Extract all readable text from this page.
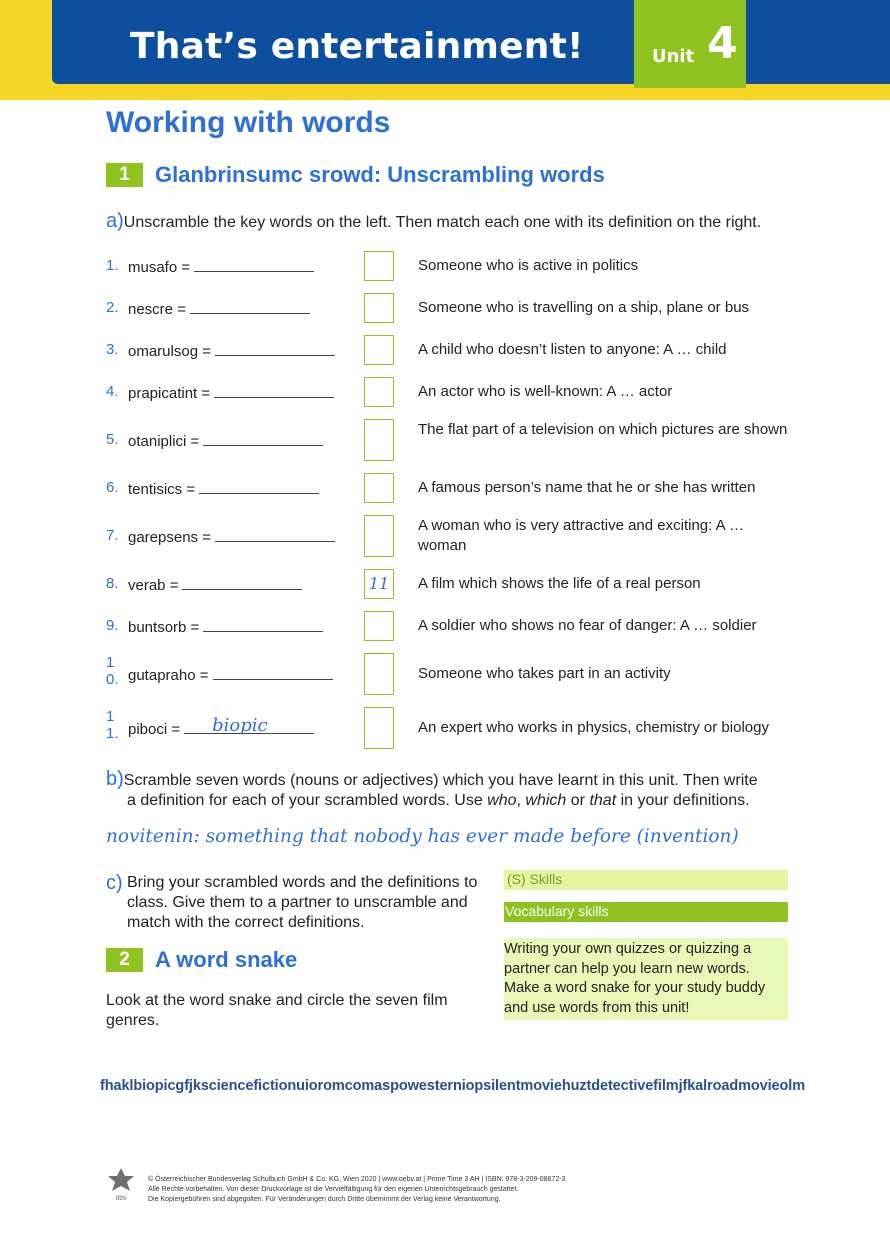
That’s entertainment!	Unit 4
Working with words
1	Glanbrinsumc srowd: Unscrambling words
a)Unscramble the key words on the left. Then match each one with its definition on the right.
1. musafo =	Someone who is active in politics
2. nescre =	Someone who is travelling on a ship, plane or bus
3. omarulsog =	A child who doesn’t listen to anyone: A … child
4. prapicatint =	An actor who is well-known: A … actor
5. otaniplici =
The flat part of a television on which pictures are shown
6. tentisics =	A famous person’s name that he or she has written
7. garepsens =
A woman who is very attractive and exciting: A … woman
8. verab =	11 A film which shows the life of a real person
9. buntsorb =	A soldier who shows no fear of danger: A … soldier
10. gutapraho =	Someone who takes part in an activity
11. piboci = biopic	An expert who works in physics, chemistry or biology
b)Scramble seven words (nouns or adjectives) which you have learnt in this unit. Then write
a definition for each of your scrambled words. Use who, which or that in your definitions.
novitenin: something that nobody has ever made before (invention)
c) Bring your scrambled words and the definitions to class. Give them to a partner to unscramble and match with the correct definitions.
(S) Skills
Vocabulary skills
Writing your own quizzes or quizzing a partner can help you learn new words. Make a word snake for your study buddy and use words from this unit!
2	A word snake
Look at the word snake and circle the seven film genres.
fhaklbiopicgfjksciencefictionuioromcomaspowesterniopsilentmoviehuztdetectivefilmjfkalroadmovieolm
öbv
© Österreichischer Bundesverlag Schulbuch GmbH & Co. KG, Wien 2020 | www.oebv.at | Prime Time 3 AH | ISBN: 978-3-209-08672-3
Alle Rechte vorbehalten. Von dieser Druckvorlage ist die Vervielfältigung für den eigenen Unterrichtsgebrauch gestattet.
Die Kopiergebühren sind abgegolten. Für Veränderungen durch Dritte übernimmt der Verlag keine Verantwortung.
